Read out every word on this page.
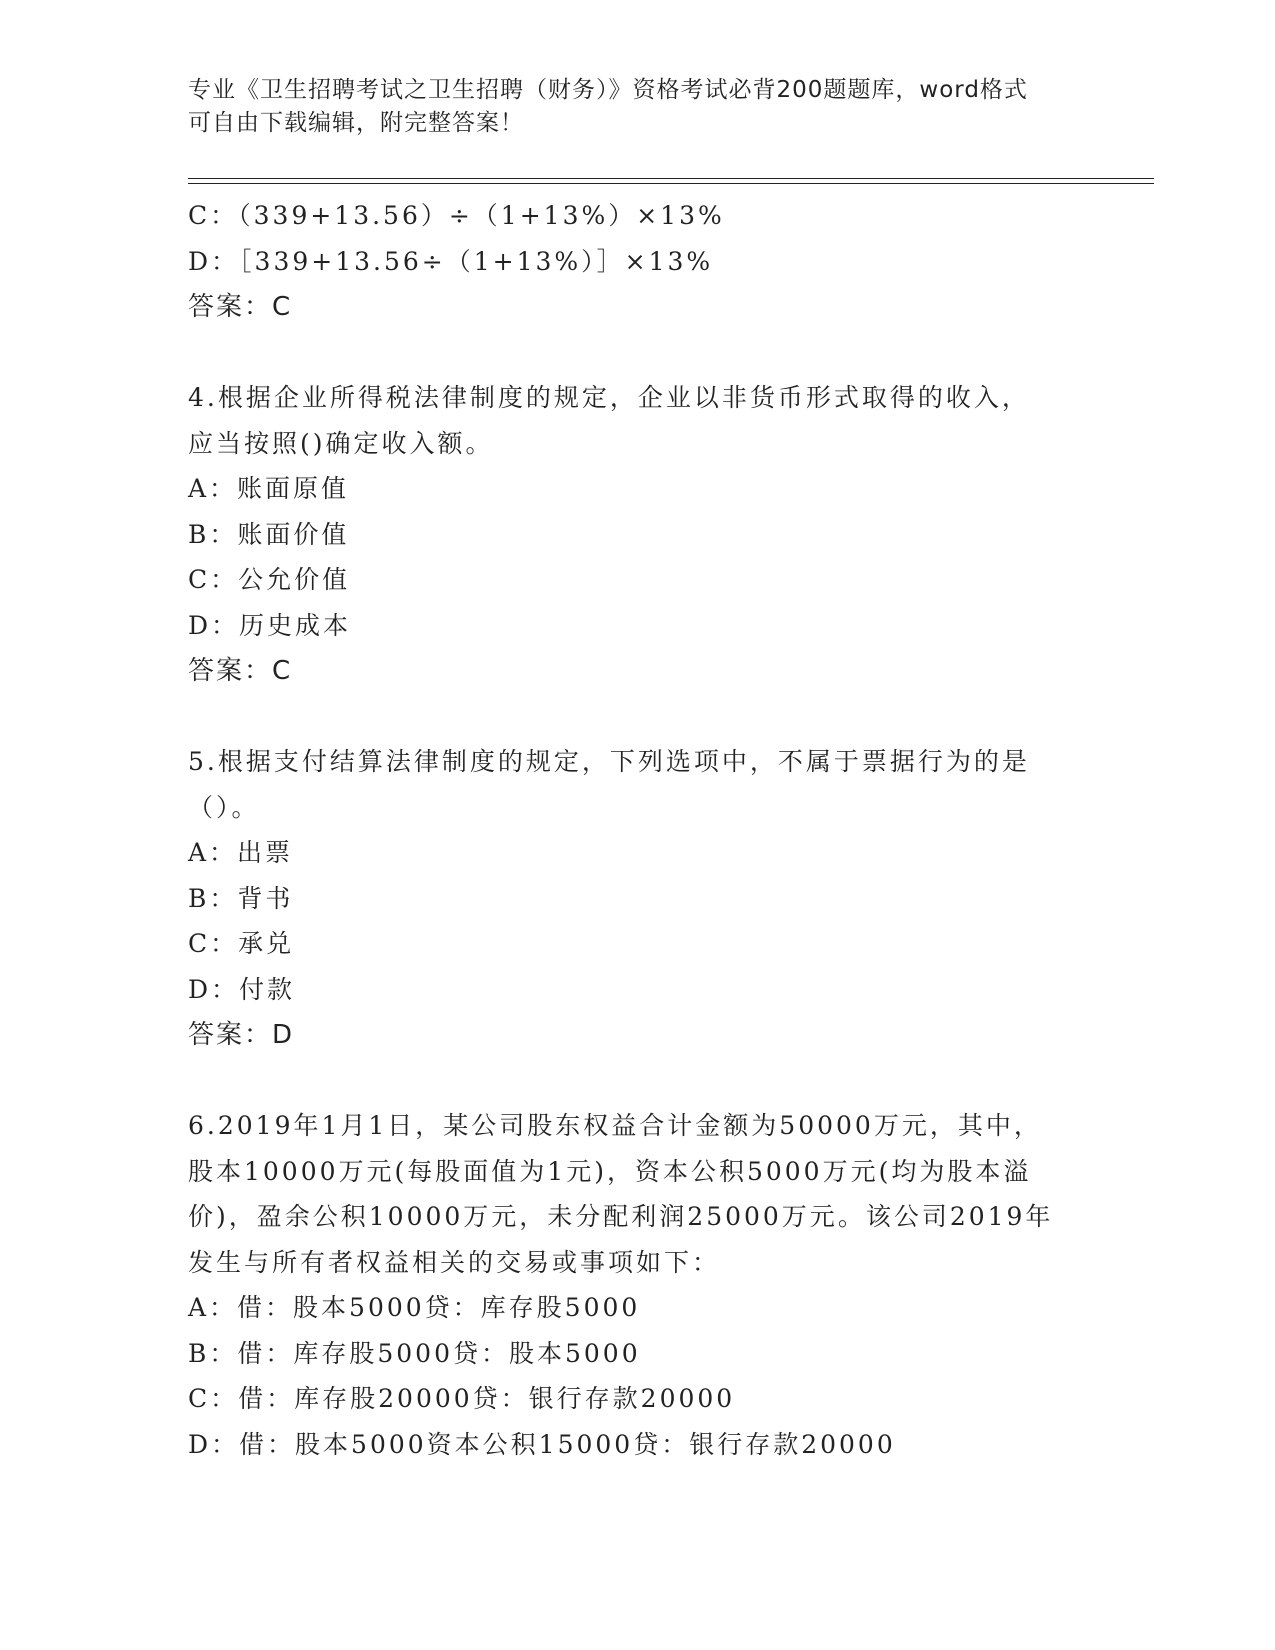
专业《卫生招聘考试之卫生招聘（财务）》资格考试必背200题题库，word格式
可自由下载编辑，附完整答案！
C：（339+13.56）÷（1+13%）×13%
D：［339+13.56÷（1+13%）］×13%
答案：C
4.根据企业所得税法律制度的规定，企业以非货币形式取得的收入，
应当按照()确定收入额。
A：账面原值
B：账面价值
C：公允价值
D：历史成本
答案：C
5.根据支付结算法律制度的规定，下列选项中，不属于票据行为的是
（）。
A：出票
B：背书
C：承兑
D：付款
答案：D
6.2019年1月1日，某公司股东权益合计金额为50000万元，其中，
股本10000万元(每股面值为1元)，资本公积5000万元(均为股本溢
价)，盈余公积10000万元，未分配利润25000万元。该公司2019年
发生与所有者权益相关的交易或事项如下：
A：借：股本5000贷：库存股5000
B：借：库存股5000贷：股本5000
C：借：库存股20000贷：银行存款20000
D：借：股本5000资本公积15000贷：银行存款20000
